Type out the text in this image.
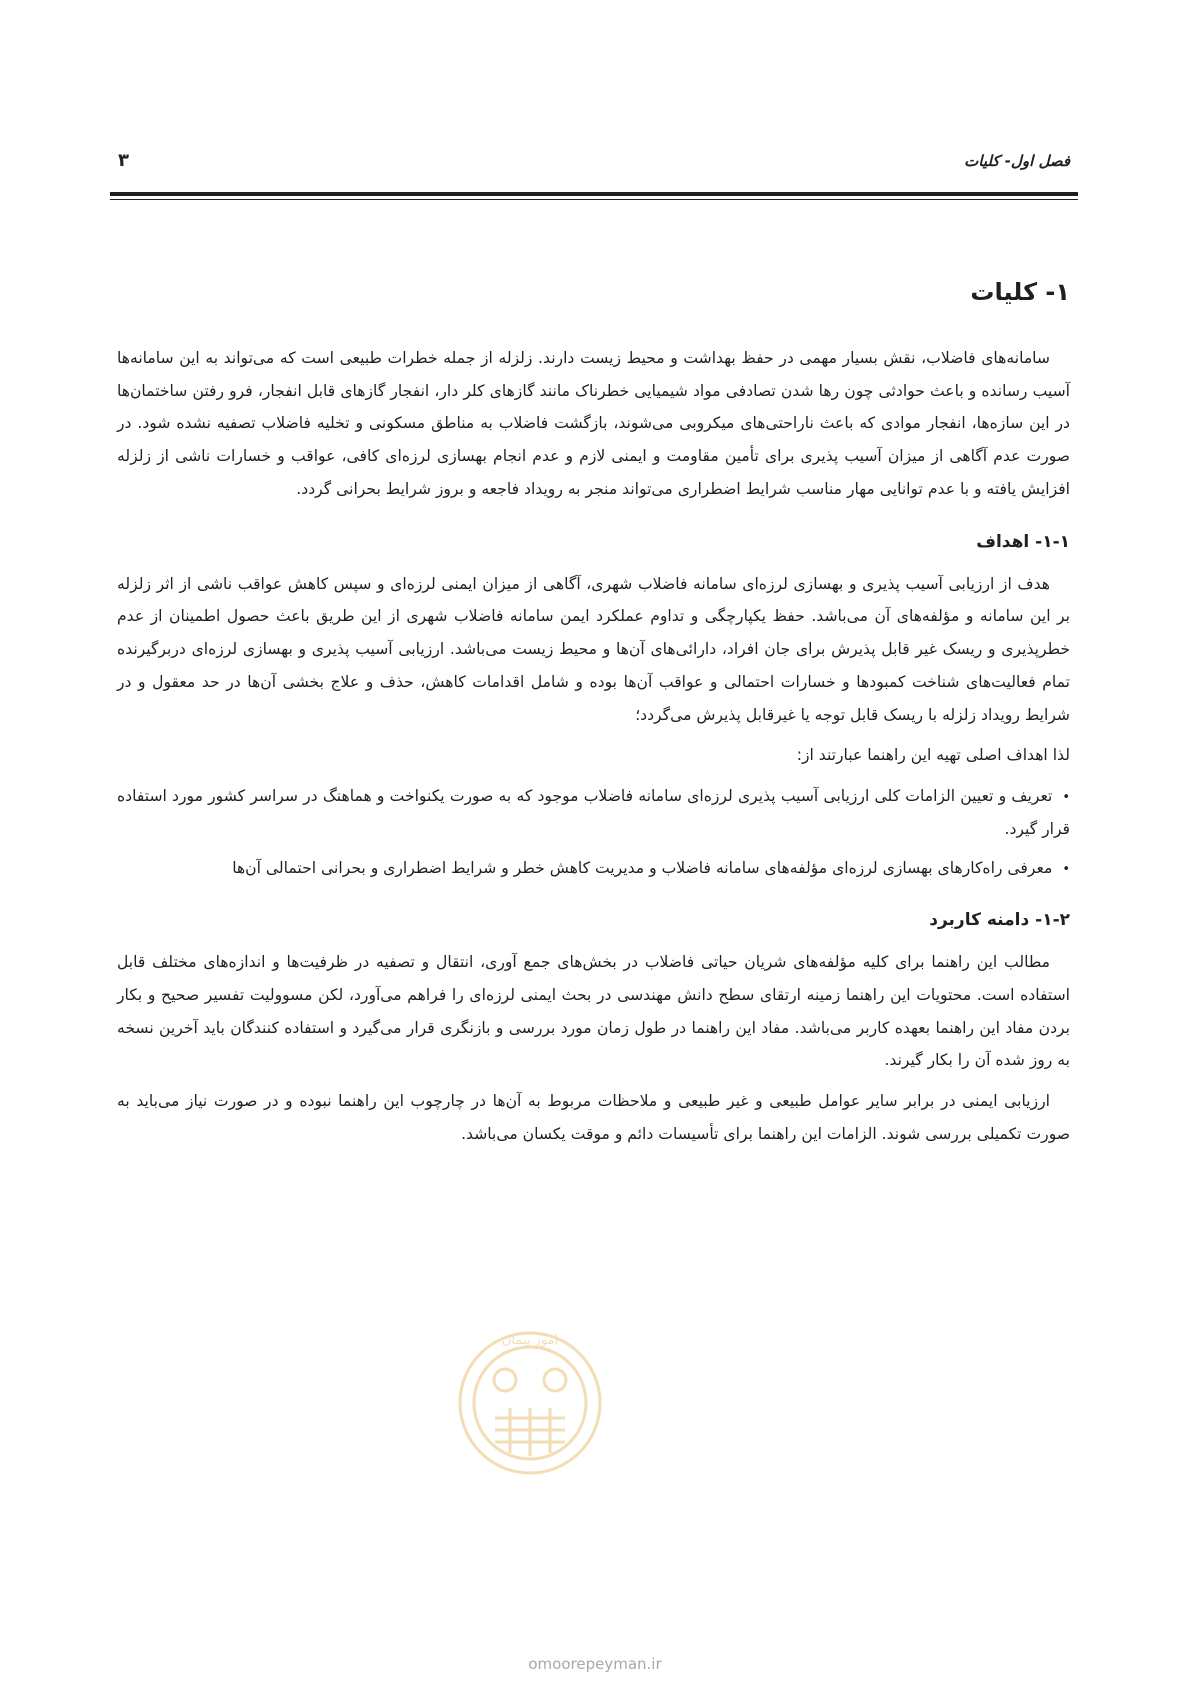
فصل اول- کلیات
۳
۱- کلیات

سامانه‌های فاضلاب، نقش بسیار مهمی در حفظ بهداشت و محیط زیست دارند. زلزله از جمله خطرات طبیعی است که می‌تواند به این سامانه‌ها آسیب رسانده و باعث حوادثی چون رها شدن تصادفی مواد شیمیایی خطرناک مانند گازهای کلر دار، انفجار گازهای قابل انفجار، فرو رفتن ساختمان‌ها در این سازه‌ها، انفجار موادی که باعث ناراحتی‌های میکروبی می‌شوند، بازگشت فاضلاب به مناطق مسکونی و تخلیه فاضلاب تصفیه نشده شود. در صورت عدم آگاهی از میزان آسیب پذیری برای تأمین مقاومت و ایمنی لازم و عدم انجام بهسازی لرزه‌ای کافی، عواقب و خسارات ناشی از زلزله افزایش یافته و با عدم توانایی مهار مناسب شرایط اضطراری می‌تواند منجر به رویداد فاجعه و بروز شرایط بحرانی گردد.

۱-۱- اهداف

هدف از ارزیابی آسیب پذیری و بهسازی لرزه‌ای سامانه فاضلاب شهری، آگاهی از میزان ایمنی لرزه‌ای و سپس کاهش عواقب ناشی از اثر زلزله بر این سامانه و مؤلفه‌های آن می‌باشد. حفظ یکپارچگی و تداوم عملکرد ایمن سامانه فاضلاب شهری از این طریق باعث حصول اطمینان از عدم خطرپذیری و ریسک غیر قابل پذیرش برای جان افراد، دارائی‌های آن‌ها و محیط زیست می‌باشد. ارزیابی آسیب پذیری و بهسازی لرزه‌ای دربرگیرنده تمام فعالیت‌های شناخت کمبودها و خسارات احتمالی و عواقب آن‌ها بوده و شامل اقدامات کاهش، حذف و علاج بخشی آن‌ها در حد معقول و در شرایط رویداد زلزله با ریسک قابل توجه یا غیرقابل پذیرش می‌گردد؛

لذا اهداف اصلی تهیه این راهنما عبارتند از:

•تعریف و تعیین الزامات کلی ارزیابی آسیب پذیری لرزه‌ای سامانه فاضلاب موجود که به صورت یکنواخت و هماهنگ در سراسر کشور مورد استفاده قرار گیرد.
•معرفی راه‌کارهای بهسازی لرزه‌ای مؤلفه‌های سامانه فاضلاب و مدیریت کاهش خطر و شرایط اضطراری و بحرانی احتمالی آن‌ها
۱-۲- دامنه کاربرد

مطالب این راهنما برای کلیه مؤلفه‌های شریان حیاتی فاضلاب در بخش‌های جمع آوری، انتقال و تصفیه در ظرفیت‌ها و اندازه‌های مختلف قابل استفاده است. محتویات این راهنما زمینه ارتقای سطح دانش مهندسی در بحث ایمنی لرزه‌ای را فراهم می‌آورد، لکن مسوولیت تفسیر صحیح و بکار بردن مفاد این راهنما بعهده کاربر می‌باشد. مفاد این راهنما در طول زمان مورد بررسی و بازنگری قرار می‌گیرد و استفاده کنندگان باید آخرین نسخه به روز شده آن را بکار گیرند.

ارزیابی ایمنی در برابر سایر عوامل طبیعی و غیر طبیعی و ملاحظات مربوط به آن‌ها در چارچوب این راهنما نبوده و در صورت نیاز می‌باید به صورت تکمیلی بررسی شوند. الزامات این راهنما برای تأسیسات دائم و موقت یکسان می‌باشد.

امور پیمان
omoorepeyman.ir
